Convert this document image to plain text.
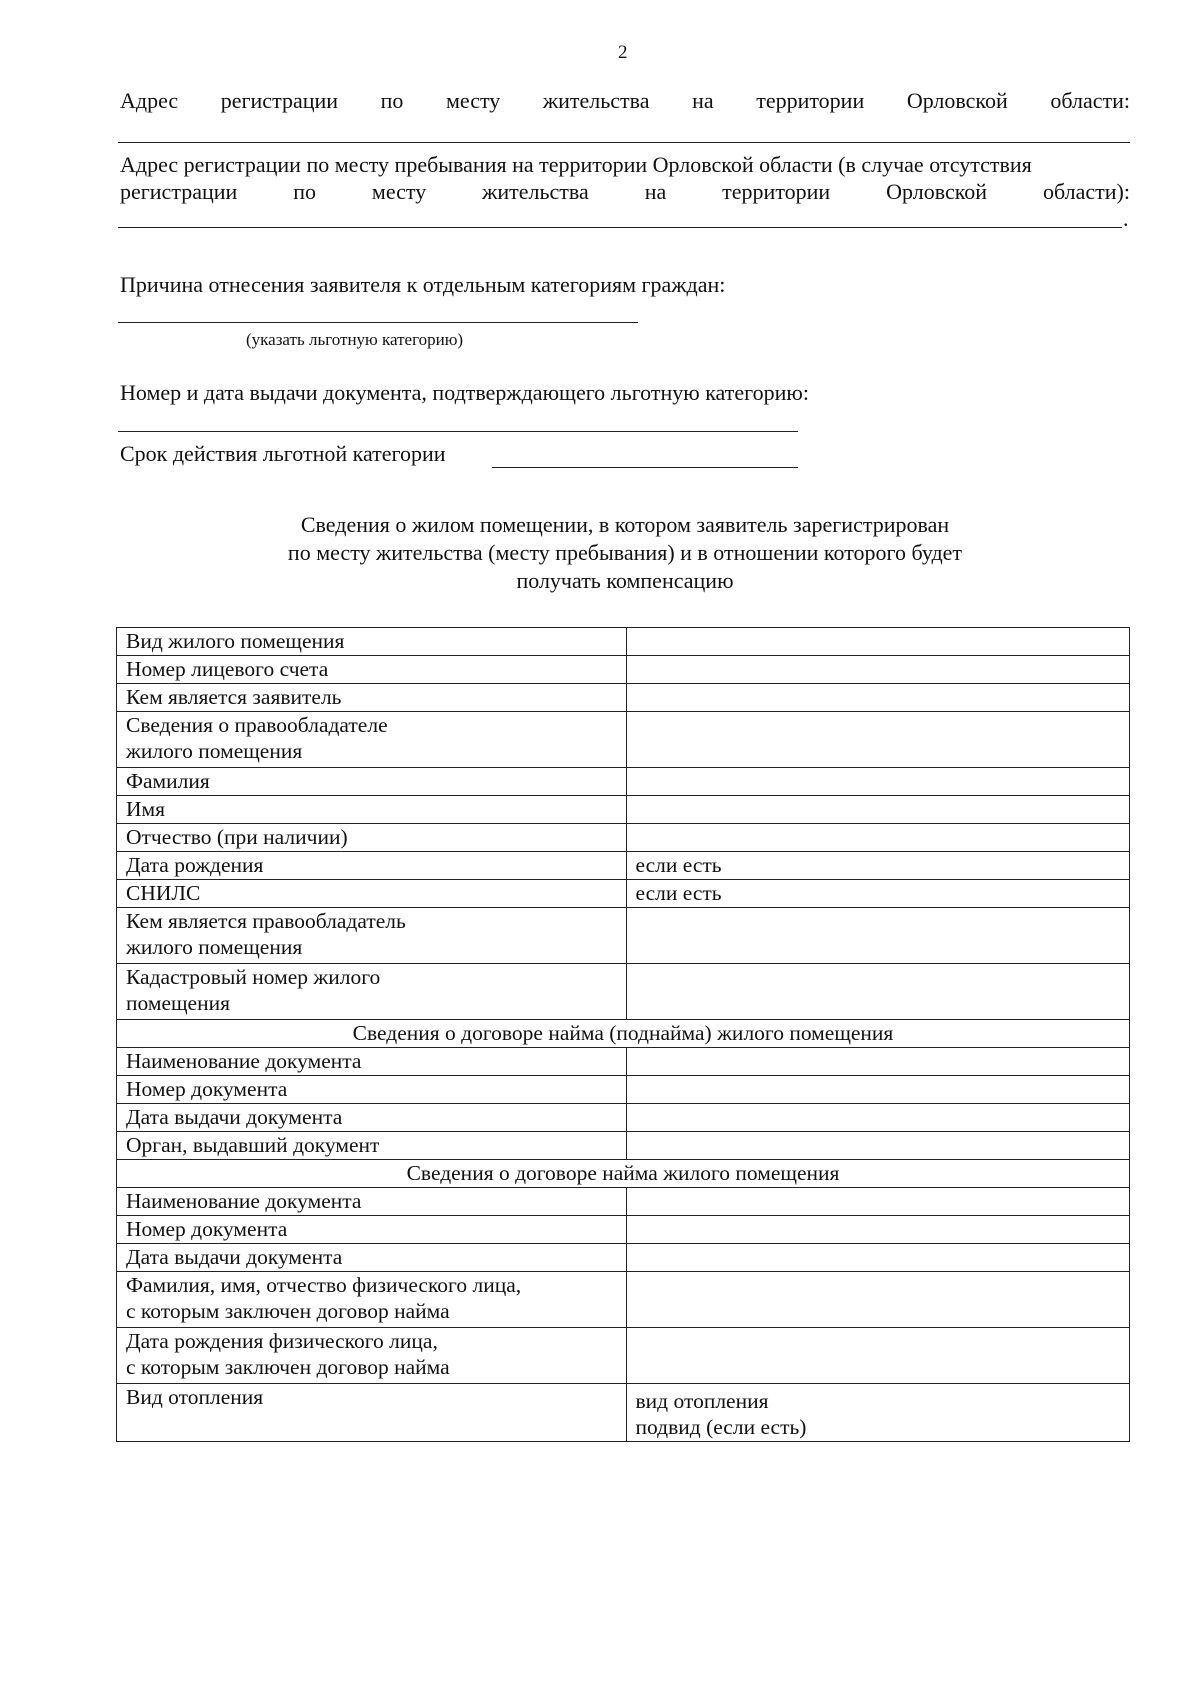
2
Адрес регистрации по месту жительства на территории Орловской области:
Адрес регистрации по месту пребывания на территории Орловской области (в случае отсутствия
регистрации	по	месту	жительства	на	территории	Орловской	области):
.
Причина отнесения заявителя к отдельным категориям граждан:
(указать льготную категорию)
Номер и дата выдачи документа, подтверждающего льготную категорию:
Срок действия льготной категории
Сведения о жилом помещении, в котором заявитель зарегистрирован
по месту жительства (месту пребывания) и в отношении которого будет
получать компенсацию
Вид жилого помещения	
Номер лицевого счета	
Кем является заявитель	

Сведения о правообладателе
жилого помещения	

Фамилия	
Имя	
Отчество (при наличии)	
Дата рождения	если есть
СНИЛС	если есть

Кем является правообладатель
жилого помещения	

Кадастровый номер жилого
помещения	

Сведения о договоре найма (поднайма) жилого помещения	
Наименование документа	
Номер документа	
Дата выдачи документа	
Орган, выдавший документ	
Сведения о договоре найма жилого помещения	
Наименование документа	
Номер документа	
Дата выдачи документа	

Фамилия, имя, отчество физического лица,
с которым заключен договор найма	

Дата рождения физического лица,
с которым заключен договор найма	

Вид отопления	вид отопления
подвид (если есть)
